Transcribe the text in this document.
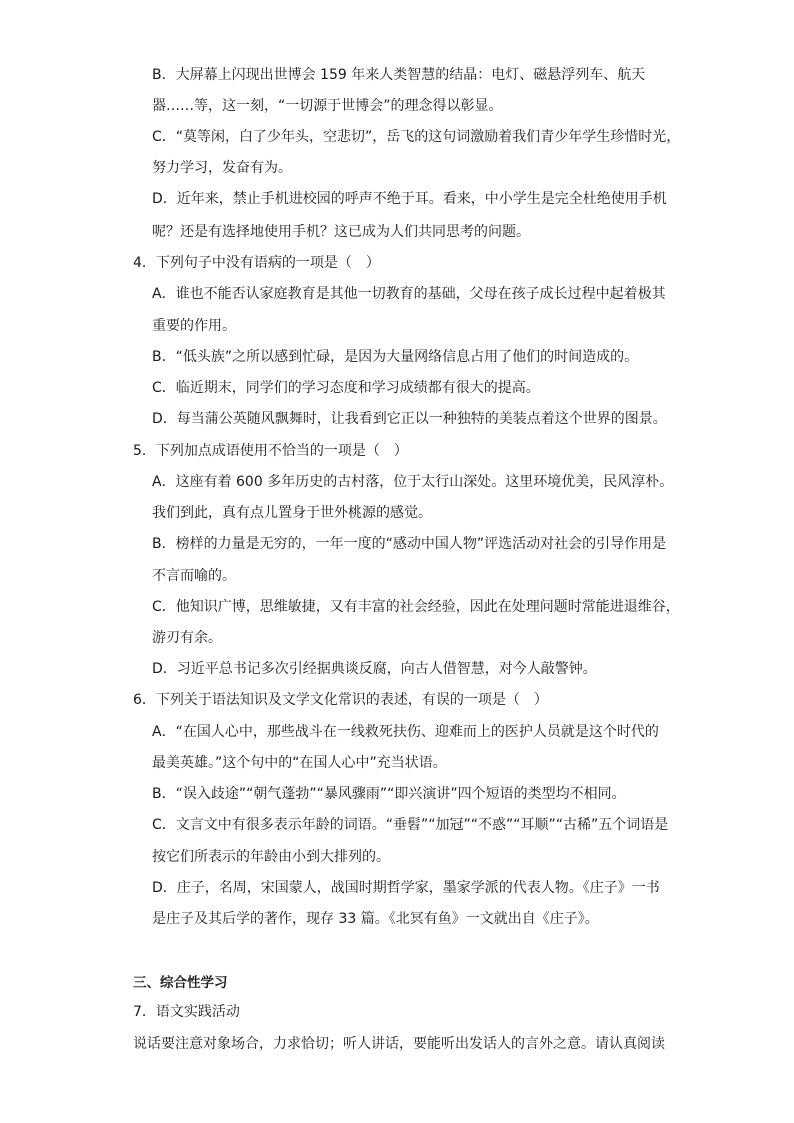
B．大屏幕上闪现出世博会 159 年来人类智慧的结晶：电灯、磁悬浮列车、航天
器……等，这一刻，“一切源于世博会”的理念得以彰显。
C．“莫等闲，白了少年头，空悲切”，岳飞的这句词激励着我们青少年学生珍惜时光，
努力学习，发奋有为。
D．近年来，禁止手机进校园的呼声不绝于耳。看来，中小学生是完全杜绝使用手机
呢？还是有选择地使用手机？这已成为人们共同思考的问题。
4．下列句子中没有语病的一项是（　）
A．谁也不能否认家庭教育是其他一切教育的基础，父母在孩子成长过程中起着极其
重要的作用。
B．“低头族”之所以感到忙碌，是因为大量网络信息占用了他们的时间造成的。
C．临近期末，同学们的学习态度和学习成绩都有很大的提高。
D．每当蒲公英随风飘舞时，让我看到它正以一种独特的美装点着这个世界的图景。
5．下列加点成语使用不恰当的一项是（　）
A．这座有着 600 多年历史的古村落，位于太行山深处。这里环境优美，民风淳朴。
我们到此，真有点儿置身于世外桃源的感觉。
B．榜样的力量是无穷的，一年一度的“感动中国人物”评选活动对社会的引导作用是
不言而喻的。
C．他知识广博，思维敏捷，又有丰富的社会经验，因此在处理问题时常能进退维谷，
游刃有余。
D．习近平总书记多次引经据典谈反腐，向古人借智慧，对今人敲警钟。
6．下列关于语法知识及文学文化常识的表述，有误的一项是（　）
A．“在国人心中，那些战斗在一线救死扶伤、迎难而上的医护人员就是这个时代的
最美英雄。”这个句中的“在国人心中”充当状语。
B．“误入歧途”“朝气蓬勃”“暴风骤雨”“即兴演讲”四个短语的类型均不相同。
C．文言文中有很多表示年龄的词语。“垂髫”“加冠”“不惑”“耳顺”“古稀”五个词语是
按它们所表示的年龄由小到大排列的。
D．庄子，名周，宋国蒙人，战国时期哲学家，墨家学派的代表人物。《庄子》一书
是庄子及其后学的著作，现存 33 篇。《北冥有鱼》一文就出自《庄子》。
三、综合性学习
7．语文实践活动
说话要注意对象场合，力求恰切；听人讲话，要能听出发话人的言外之意。请认真阅读
